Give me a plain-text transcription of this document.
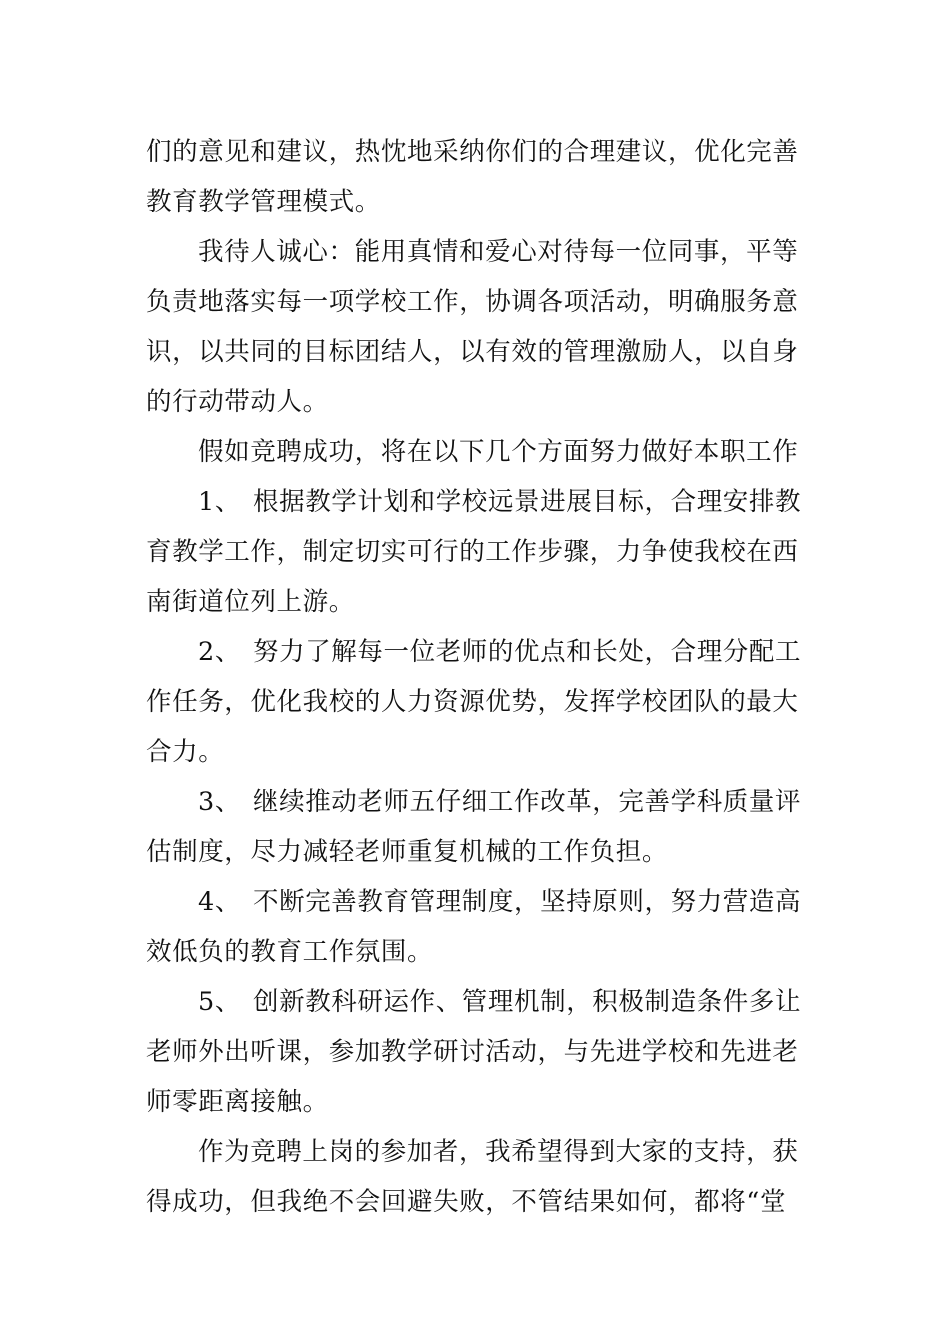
们的意见和建议，热忱地采纳你们的合理建议，优化完善
教育教学管理模式。
我待人诚心：能用真情和爱心对待每一位同事，平等
负责地落实每一项学校工作，协调各项活动，明确服务意
识，以共同的目标团结人，以有效的管理激励人，以自身
的行动带动人。
假如竞聘成功，将在以下几个方面努力做好本职工作
1、 根据教学计划和学校远景进展目标，合理安排教
育教学工作，制定切实可行的工作步骤，力争使我校在西
南街道位列上游。
2、 努力了解每一位老师的优点和长处，合理分配工
作任务，优化我校的人力资源优势，发挥学校团队的最大
合力。
3、 继续推动老师五仔细工作改革，完善学科质量评
估制度，尽力减轻老师重复机械的工作负担。
4、 不断完善教育管理制度，坚持原则，努力营造高
效低负的教育工作氛围。
5、 创新教科研运作、管理机制，积极制造条件多让
老师外出听课，参加教学研讨活动，与先进学校和先进老
师零距离接触。
作为竞聘上岗的参加者，我希望得到大家的支持，获
得成功，但我绝不会回避失败，不管结果如何，都将“堂
